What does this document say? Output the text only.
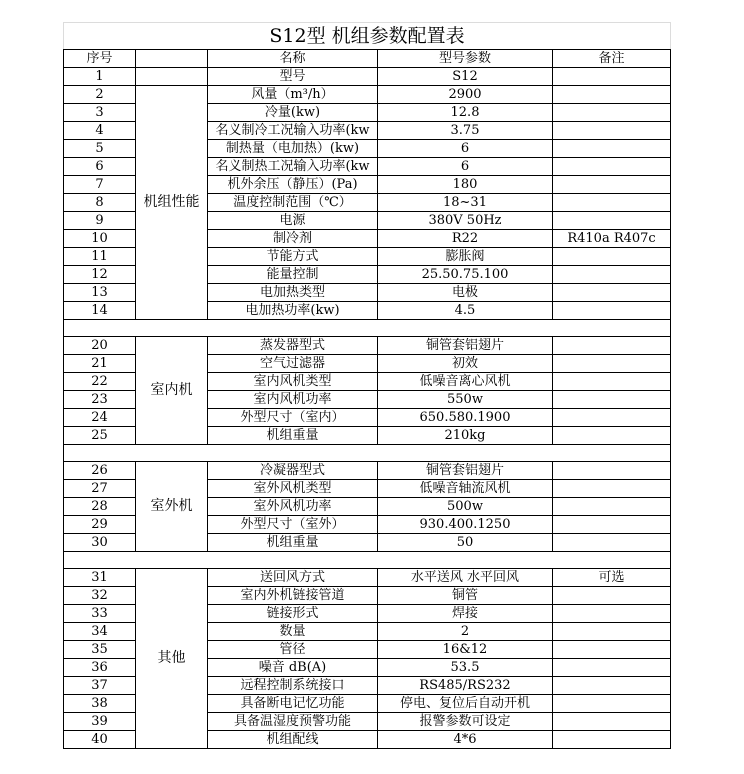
S12型 机组参数配置表				
序号		名称	型号参数	备注
1		型号	S12	
2	机组性能	风量（m³/h）	2900	
3		冷量(kw)	12.8	
4		名义制冷工况输入功率(kw	3.75	
5		制热量（电加热）(kw)	6	
6		名义制热工况输入功率(kw	6	
7		机外余压（静压）(Pa)	180	
8		温度控制范围（℃）	18~31	
9		电源	380V 50Hz	
10		制冷剂	R22	R410a R407c
11		节能方式	膨胀阀	
12		能量控制	25.50.75.100	
13		电加热类型	电极	
14		电加热功率(kw)	4.5	

20	室内机	蒸发器型式	铜管套铝翅片	
21		空气过滤器	初效	
22		室内风机类型	低噪音离心风机	
23		室内风机功率	550w	
24		外型尺寸（室内）	650.580.1900	
25		机组重量	210kg	

26	室外机	冷凝器型式	铜管套铝翅片	
27		室外风机类型	低噪音轴流风机	
28		室外风机功率	500w	
29		外型尺寸（室外）	930.400.1250	
30		机组重量	50	

31	其他	送回风方式	水平送风 水平回风	可选
32		室内外机链接管道	铜管	
33		链接形式	焊接	
34		数量	2	
35		管径	16&12	
36		噪音 dB(A)	53.5	
37		远程控制系统接口	RS485/RS232	
38		具备断电记忆功能	停电、复位后自动开机	
39		具备温湿度预警功能	报警参数可设定	
40		机组配线	4*6	
